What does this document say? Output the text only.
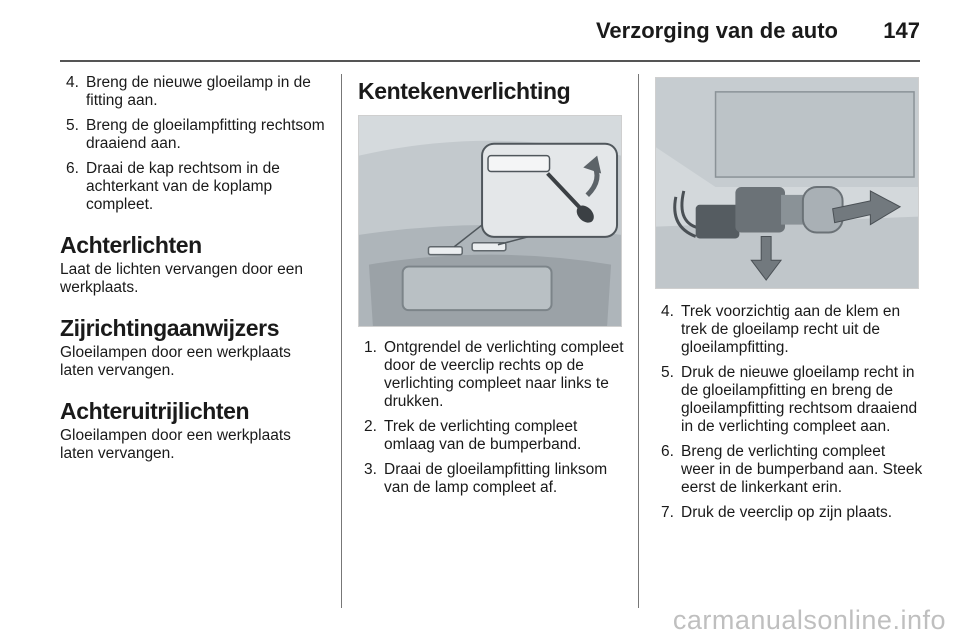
Verzorging van de auto 147
4. Breng de nieuwe gloeilamp in de fitting aan.
5. Breng de gloeilampfitting rechtsom draaiend aan.
6. Draai de kap rechtsom in de achterkant van de koplamp compleet.
Achterlichten

Laat de lichten vervangen door een werkplaats.

Zijrichtingaanwijzers

Gloeilampen door een werkplaats laten vervangen.

Achteruitrijlichten

Gloeilampen door een werkplaats laten vervangen.

Kentekenverlichting
1. Ontgrendel de verlichting compleet door de veerclip rechts op de verlichting compleet naar links te drukken.
2. Trek de verlichting compleet omlaag van de bumperband.
3. Draai de gloeilampfitting linksom van de lamp compleet af.
4. Trek voorzichtig aan de klem en trek de gloeilamp recht uit de gloeilampfitting.
5. Druk de nieuwe gloeilamp recht in de gloeilampfitting en breng de gloeilampfitting rechtsom draaiend in de verlichting compleet aan.
6. Breng de verlichting compleet weer in de bumperband aan. Steek eerst de linkerkant erin.
7. Druk de veerclip op zijn plaats.
carmanualsonline.info
